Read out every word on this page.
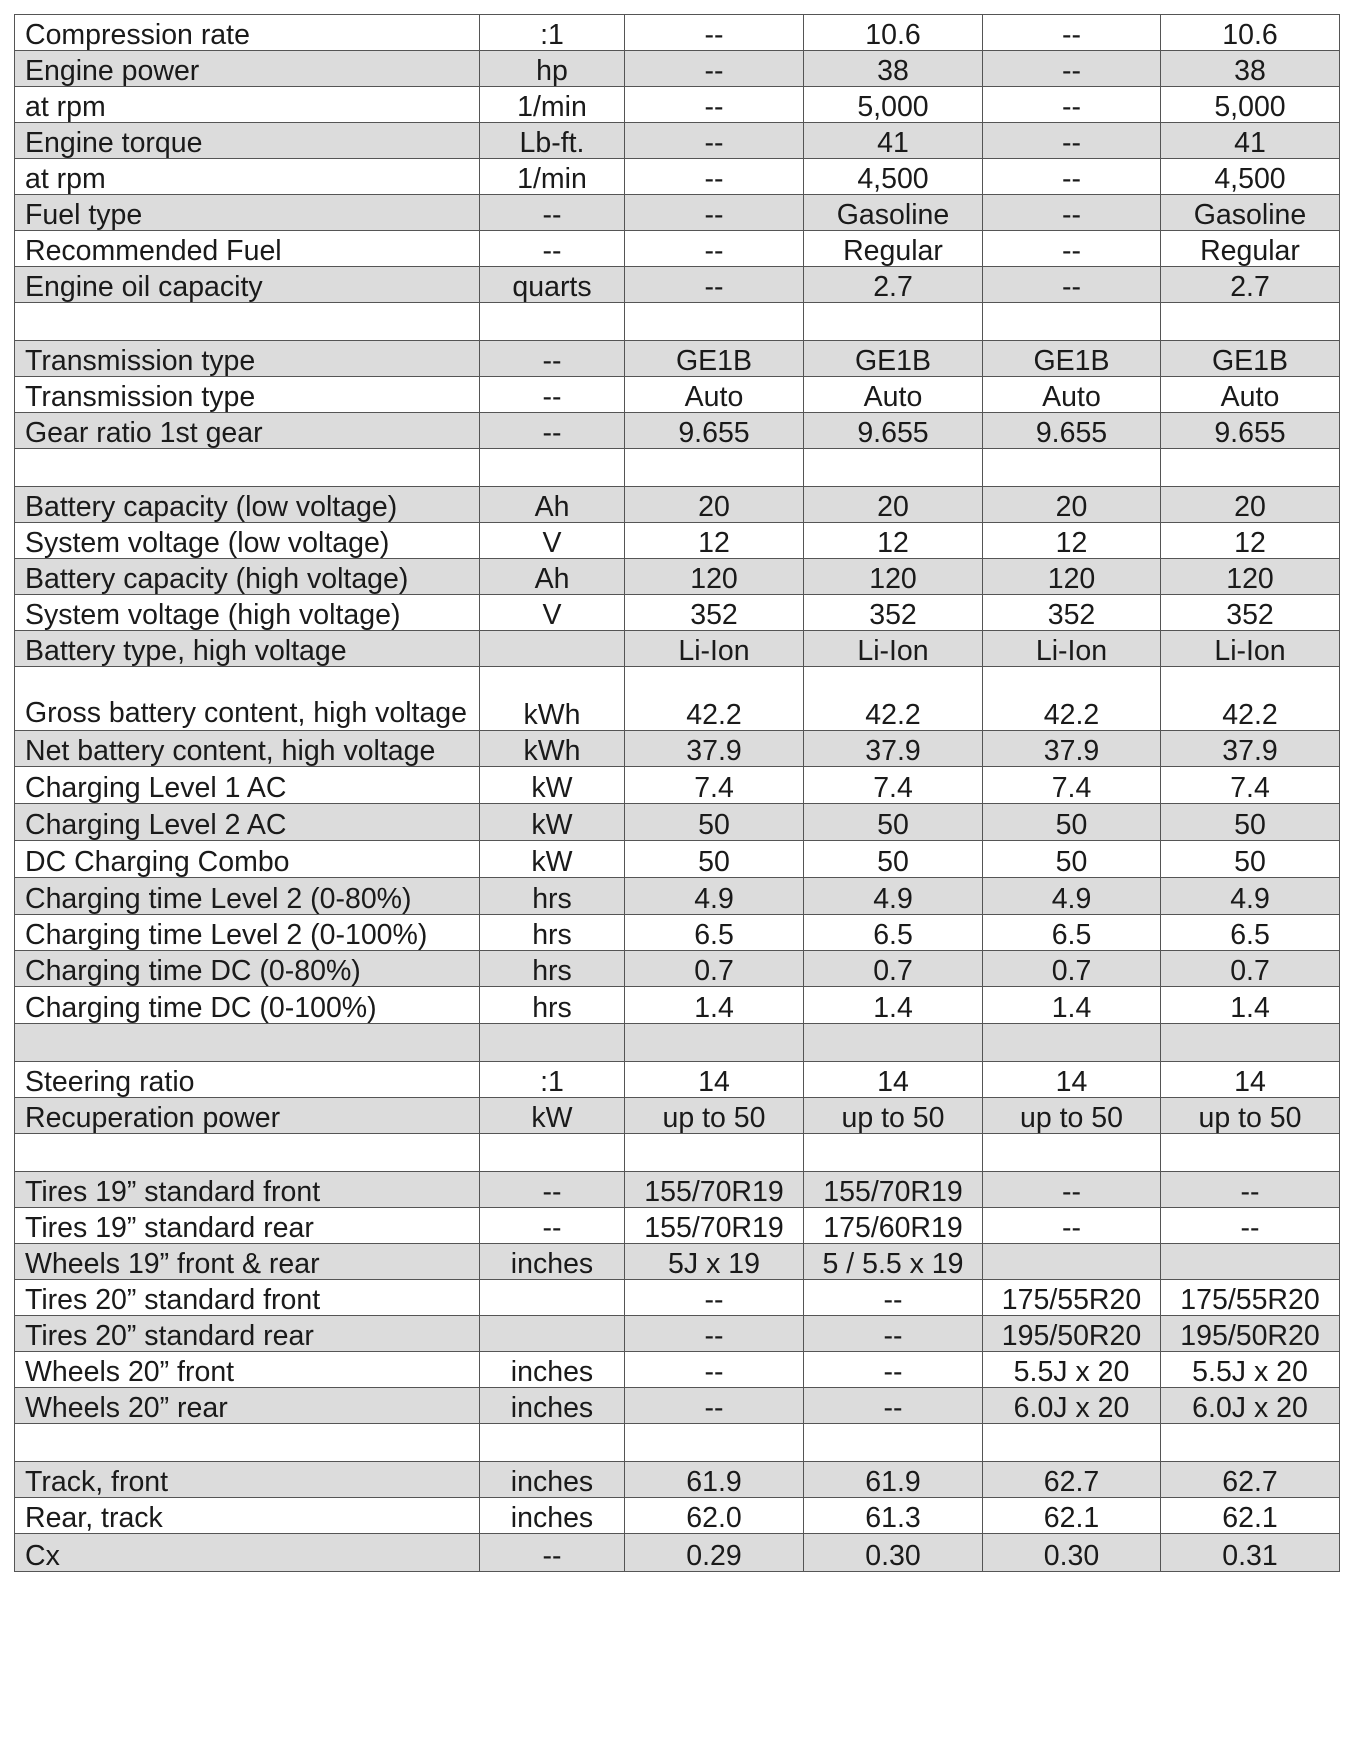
Compression rate	:1	--	10.6	--	10.6
Engine power	hp	--	38	--	38
at rpm	1/min	--	5,000	--	5,000
Engine torque	Lb-ft.	--	41	--	41
at rpm	1/min	--	4,500	--	4,500
Fuel type	--	--	Gasoline	--	Gasoline
Recommended Fuel	--	--	Regular	--	Regular
Engine oil capacity	quarts	--	2.7	--	2.7

Transmission type	--	GE1B	GE1B	GE1B	GE1B
Transmission type	--	Auto	Auto	Auto	Auto
Gear ratio 1st gear	--	9.655	9.655	9.655	9.655

Battery capacity (low voltage)	Ah	20	20	20	20
System voltage (low voltage)	V	12	12	12	12
Battery capacity (high voltage)	Ah	120	120	120	120
System voltage (high voltage)	V	352	352	352	352
Battery type, high voltage		Li-Ion	Li-Ion	Li-Ion	Li-Ion
Gross battery content, high voltage	kWh	42.2	42.2	42.2	42.2
Net battery content, high voltage	kWh	37.9	37.9	37.9	37.9
Charging Level 1 AC	kW	7.4	7.4	7.4	7.4
Charging Level 2 AC	kW	50	50	50	50
DC Charging Combo	kW	50	50	50	50
Charging time Level 2 (0-80%)	hrs	4.9	4.9	4.9	4.9
Charging time Level 2 (0-100%)	hrs	6.5	6.5	6.5	6.5
Charging time DC (0-80%)	hrs	0.7	0.7	0.7	0.7
Charging time DC (0-100%)	hrs	1.4	1.4	1.4	1.4

Steering ratio	:1	14	14	14	14
Recuperation power	kW	up to 50	up to 50	up to 50	up to 50

Tires 19” standard front	--	155/70R19	155/70R19	--	--
Tires 19” standard rear	--	155/70R19	175/60R19	--	--
Wheels 19” front & rear	inches	5J x 19	5 / 5.5 x 19		
Tires 20” standard front		--	--	175/55R20	175/55R20
Tires 20” standard rear		--	--	195/50R20	195/50R20
Wheels 20” front	inches	--	--	5.5J x 20	5.5J x 20
Wheels 20” rear	inches	--	--	6.0J x 20	6.0J x 20

Track, front	inches	61.9	61.9	62.7	62.7
Rear, track	inches	62.0	61.3	62.1	62.1
Cx	--	0.29	0.30	0.30	0.31
